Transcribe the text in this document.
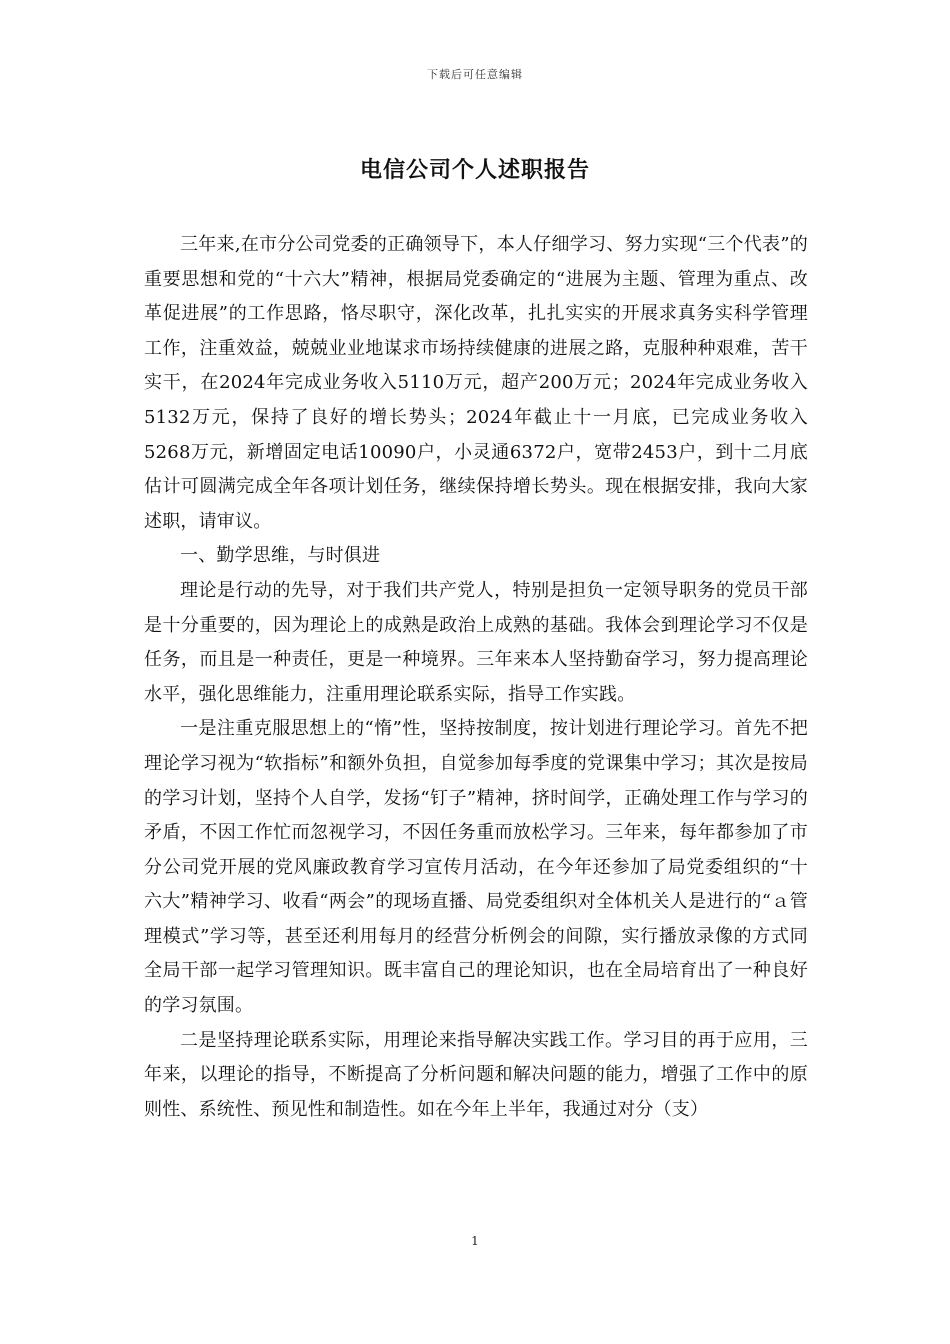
下载后可任意编辑
电信公司个人述职报告

三年来,在市分公司党委的正确领导下，本人仔细学习、努力实现“三个代表”的重要思想和党的“十六大”精神，根据局党委确定的“进展为主题、管理为重点、改革促进展”的工作思路，恪尽职守，深化改革，扎扎实实的开展求真务实科学管理工作，注重效益，兢兢业业地谋求市场持续健康的进展之路，克服种种艰难，苦干实干，在2024年完成业务收入5110万元，超产200万元；2024年完成业务收入5132万元，保持了良好的增长势头；2024年截止十一月底，已完成业务收入5268万元，新增固定电话10090户，小灵通6372户，宽带2453户，到十二月底估计可圆满完成全年各项计划任务，继续保持增长势头。现在根据安排，我向大家述职，请审议。

一、勤学思维，与时俱进

理论是行动的先导，对于我们共产党人，特别是担负一定领导职务的党员干部是十分重要的，因为理论上的成熟是政治上成熟的基础。我体会到理论学习不仅是任务，而且是一种责任，更是一种境界。三年来本人坚持勤奋学习，努力提高理论水平，强化思维能力，注重用理论联系实际，指导工作实践。

一是注重克服思想上的“惰”性，坚持按制度，按计划进行理论学习。首先不把理论学习视为“软指标”和额外负担，自觉参加每季度的党课集中学习；其次是按局的学习计划，坚持个人自学，发扬“钉子”精神，挤时间学，正确处理工作与学习的矛盾，不因工作忙而忽视学习，不因任务重而放松学习。三年来，每年都参加了市分公司党开展的党风廉政教育学习宣传月活动，在今年还参加了局党委组织的“十六大”精神学习、收看“两会”的现场直播、局党委组织对全体机关人是进行的“ａ管理模式”学习等，甚至还利用每月的经营分析例会的间隙，实行播放录像的方式同全局干部一起学习管理知识。既丰富自己的理论知识，也在全局培育出了一种良好的学习氛围。

二是坚持理论联系实际，用理论来指导解决实践工作。学习目的再于应用，三年来，以理论的指导，不断提高了分析问题和解决问题的能力，增强了工作中的原则性、系统性、预见性和制造性。如在今年上半年，我通过对分（支）

1
